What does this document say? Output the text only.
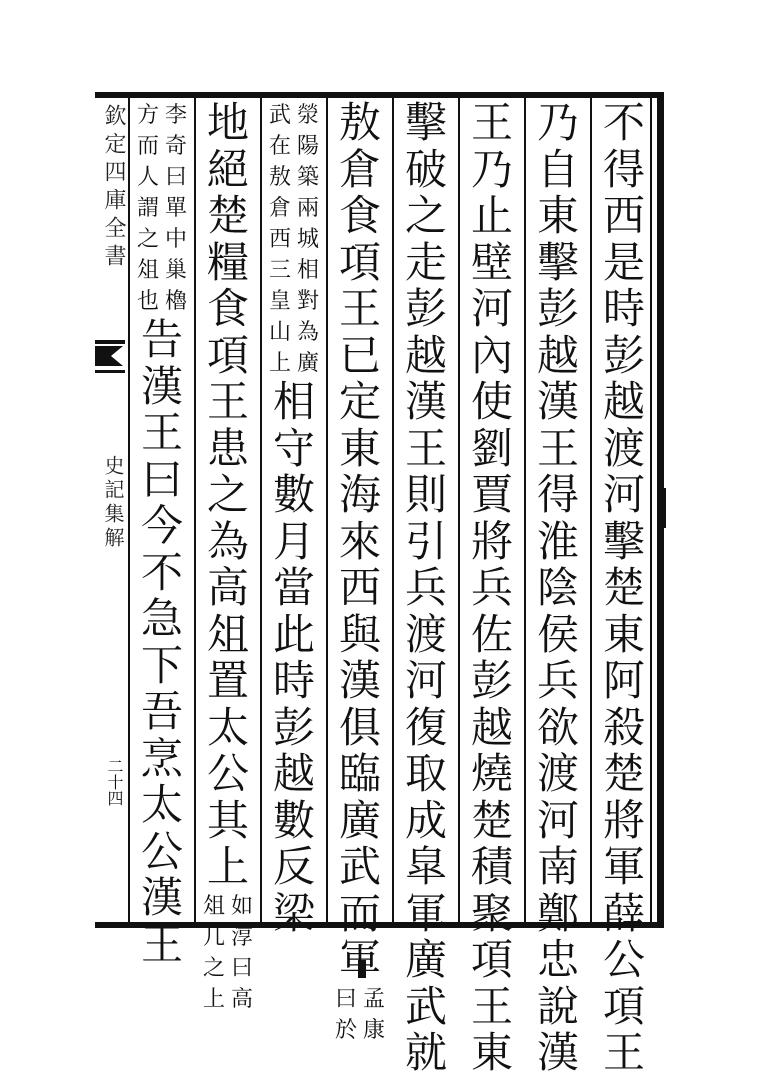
欽定四庫全書
史記集解
二十四
不
得
西
是
時
彭
越
渡
河
擊
楚
東
阿
殺
楚
將
軍
薛
公
項
王
乃
自
東
擊
彭
越
漢
王
得
淮
陰
侯
兵
欲
渡
河
南
鄭
忠
說
漢
王
乃
止
壁
河
內
使
劉
賈
將
兵
佐
彭
越
燒
楚
積
聚
項
王
東
擊
破
之
走
彭
越
漢
王
則
引
兵
渡
河
復
取
成
皐
軍
廣
武
就
敖
倉
食
項
王
已
定
東
海
來
西
與
漢
俱
臨
廣
武
而
軍
孟
康
曰
於
滎
陽
築
兩
城
相
對
為
廣
武
在
敖
倉
西
三
皇
山
上
相
守
數
月
當
此
時
彭
越
數
反
梁
地
絕
楚
糧
食
項
王
患
之
為
高
俎
置
太
公
其
上
如
淳
曰
高
俎
几
之
上
李
奇
曰
單
中
巢
櫓
方
而
人
謂
之
俎
也
告
漢
王
曰
今
不
急
下
吾
烹
太
公
漢
王
